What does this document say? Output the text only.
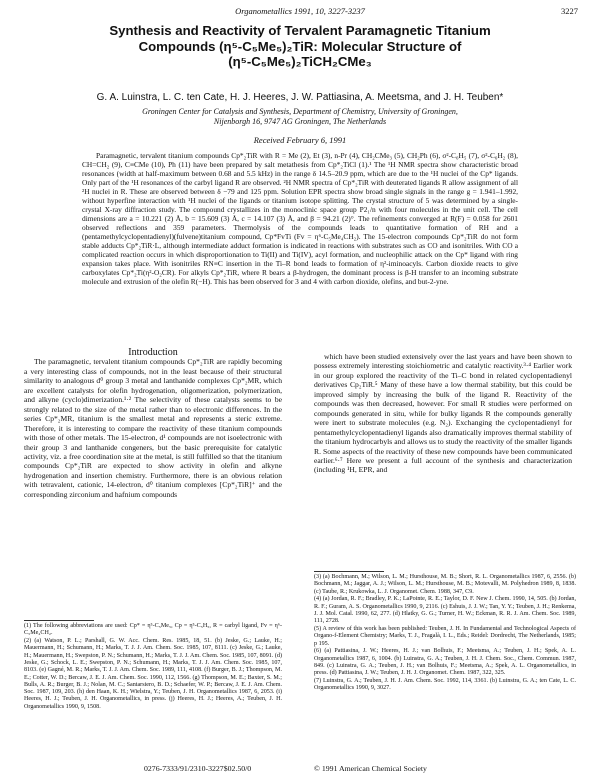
Organometallics 1991, 10, 3227-3237	3227
Synthesis and Reactivity of Tervalent Paramagnetic Titanium
Compounds (η⁵-C₅Me₅)₂TiR: Molecular Structure of
(η⁵-C₅Me₅)₂TiCH₂CMe₃
G. A. Luinstra, L. C. ten Cate, H. J. Heeres, J. W. Pattiasina, A. Meetsma, and J. H. Teuben*
Groningen Center for Catalysis and Synthesis, Department of Chemistry, University of Groningen,
Nijenborgh 16, 9747 AG Groningen, The Netherlands
Received February 6, 1991

Paramagnetic, tervalent titanium compounds Cp*₂TiR with R = Me (2), Et (3), n-Pr (4), CH₂CMe₃ (5), CH₂Ph (6), σ²-C₆H₅ (7), σ²-C₆H₂ (8), CH=CH₂ (9), C≡CMe (10), Ph (11) have been prepared by salt metathesis from Cp*₂TiCl (1).¹ The ¹H NMR spectra show characteristic broad resonances (width at half-maximum between 0.68 and 5.5 kHz) in the range δ 14.5–20.9 ppm, which are due to the ¹H nuclei of the Cp* ligands. Only part of the ¹H resonances of the carbyl ligand R are observed. ²H NMR spectra of Cp*₂TiR with deuterated ligands R allow assignment of all ²H nuclei in R. These are observed between δ −79 and 125 ppm. Solution EPR spectra show broad single signals in the range g = 1.941–1.992, without hyperfine interaction with ¹H nuclei of the ligands or titanium isotope splitting. The crystal structure of 5 was determined by a single-crystal X-ray diffraction study. The compound crystallizes in the monoclinic space group P2₁/n with four molecules in the unit cell. The cell dimensions are a = 10.221 (2) Å, b = 15.609 (3) Å, c = 14.107 (3) Å, and β = 94.21 (2)°. The refinements converged at R(F) = 0.058 for 2601 observed reflections and 359 parameters. Thermolysis of the compounds leads to quantitative formation of RH and a (pentamethylcyclopentadienyl)(fulvene)titanium compound, Cp*FvTi (Fv = η⁶-C₅Me₄CH₂). The 15-electron compounds Cp*₂TiR do not form stable adducts Cp*₂TiR·L, although intermediate adduct formation is indicated in reactions with substrates such as CO and isonitriles. With CO a complicated reaction occurs in which disproportionation to Ti(II) and Ti(IV), acyl formation, and nucleophilic attack on the Cp* ligand with ring expansion takes place. With isonitriles RN≡C insertion in the Ti–R bond leads to formation of η²-iminoacyls. Carbon dioxide reacts to give carboxylates Cp*₂Ti(η²-O₂CR). For alkyls Cp*₂TiR, where R bears a β-hydrogen, the dominant process is β-H transfer to an incoming substrate molecule and extrusion of the olefin R(−H). This has been observed for 3 and 4 with carbon dioxide, olefins, and but-2-yne.

Introduction

The paramagnetic, tervalent titanium compounds Cp*₂TiR are rapidly becoming a very interesting class of compounds, not in the least because of their structural similarity to analogous d⁰ group 3 metal and lanthanide complexes Cp*₂MR, which are excellent catalysts for olefin hydrogenation, oligomerization, polymerization, and alkyne (cyclo)dimerization.¹·² The selectivity of these catalysts seems to be strongly related to the size of the metal rather than to electronic differences. In the series Cp*₂MR, titanium is the smallest metal and represents a steric extreme. Therefore, it is interesting to compare the reactivity of these titanium compounds with those of other metals. The 15-electron, d¹ compounds are not isoelectronic with their group 3 and lanthanide congeners, but the basic prerequisite for catalytic activity, viz. a free coordination site at the metal, is still fulfilled so that the titanium compounds Cp*₂TiR are expected to show activity in olefin and alkyne hydrogenation and insertion chemistry. Furthermore, there is an obvious relation with tetravalent, cationic, 14-electron, d⁰ titanium complexes [Cp*₂TiR]⁺ and the corresponding zirconium and hafnium compounds

which have been studied extensively over the last years and have been shown to possess extremely interesting stoichiometric and catalytic reactivity.³·⁴ Earlier work in our group explored the reactivity of the Ti–C bond in related cyclopentadienyl derivatives Cp₂TiR.⁵ Many of these have a low thermal stability, but this could be improved simply by increasing the bulk of the ligand R. Reactivity of the compounds was then decreased, however. For small R studies were performed on compounds generated in situ, while for bulky ligands R the compounds generally were inert to substrate molecules (e.g. N₂). Exchanging the cyclopentadienyl for pentamethylcyclopentadienyl ligands also dramatically improves thermal stability of the titanium hydrocarbyls and allows us to study the reactivity of the smaller ligands R. Some aspects of the reactivity of these new compounds have been communicated earlier.⁶·⁷ Here we present a full account of the synthesis and characterization (including ¹H, EPR, and

(1) The following abbreviations are used: Cp* = η⁵-C₅Me₅, Cp = η⁵-C₅H₅, R = carbyl ligand, Fv = η⁶-C₅Me₄CH₂.

(2) (a) Watson, P. L.; Parshall, G. W. Acc. Chem. Res. 1985, 18, 51. (b) Jeske, G.; Lauke, H.; Mauermann, H.; Schumann, H.; Marks, T. J. J. Am. Chem. Soc. 1985, 107, 8111. (c) Jeske, G.; Lauke, H.; Mauermann, H.; Swepston, P. N.; Schumann, H.; Marks, T. J. J. Am. Chem. Soc. 1985, 107, 8091. (d) Jeske, G.; Schock, L. E.; Swepston, P. N.; Schumann, H.; Marks, T. J. J. Am. Chem. Soc. 1985, 107, 8103. (e) Gagné, M. R.; Marks, T. J. J. Am. Chem. Soc. 1989, 111, 4108. (f) Burger, B. J.; Thompson, M. E.; Cotter, W. D.; Bercaw, J. E. J. Am. Chem. Soc. 1990, 112, 1566. (g) Thompson, M. E.; Baxter, S. M.; Bulls, A. R.; Burger, B. J.; Nolan, M. C.; Santarsiero, B. D.; Schaefer, W. P.; Bercaw, J. E. J. Am. Chem. Soc. 1987, 109, 203. (h) den Haan, K. H.; Wielstra, Y.; Teuben, J. H. Organometallics 1987, 6, 2053. (i) Heeres, H. J.; Teuben, J. H. Organometallics, in press. (j) Heeres, H. J.; Heeres, A.; Teuben, J. H. Organometallics 1990, 9, 1508.

(3) (a) Bochmann, M.; Wilson, L. M.; Hursthouse, M. B.; Short, R. L. Organometallics 1987, 6, 2556. (b) Bochmann, M.; Jaggar, A. J.; Wilson, L. M.; Hursthouse, M. B.; Motevalli, M. Polyhedron 1989, 8, 1838. (c) Taube, R.; Krukowka, L. J. Organomet. Chem. 1988, 347, C9.

(4) (a) Jordan, R. F.; Bradley, P. K.; LaPointe, R. E.; Taylor, D. F. New J. Chem. 1990, 14, 505. (b) Jordan, R. F.; Guram, A. S. Organometallics 1990, 9, 2116. (c) Eshuis, J. J. W.; Tan, Y. Y.; Teuben, J. H.; Renkema, J. J. Mol. Catal. 1990, 62, 277. (d) Hlatky, G. G.; Turner, H. W.; Eckman, R. R. J. Am. Chem. Soc. 1989, 111, 2728.

(5) A review of this work has been published: Teuben, J. H. In Fundamental and Technological Aspects of Organo-f-Element Chemistry; Marks, T. J., Fragalà, I. L., Eds.; Reidel: Dordrecht, The Netherlands, 1985; p 195.

(6) (a) Pattiasina, J. W.; Heeres, H. J.; van Bolhuis, F.; Meetsma, A.; Teuben, J. H.; Spek, A. L. Organometallics 1987, 6, 1004. (b) Luinstra, G. A.; Teuben, J. H. J. Chem. Soc., Chem. Commun. 1987, 849. (c) Luinstra, G. A.; Teuben, J. H.; van Bolhuis, F.; Meetsma, A.; Spek, A. L. Organometallics, in press. (d) Pattiasina, J. W.; Teuben, J. H. J. Organomet. Chem. 1987, 322, 325.

(7) Luinstra, G. A.; Teuben, J. H. J. Am. Chem. Soc. 1992, 114, 3361. (b) Luinstra, G. A.; ten Cate, L. C. Organometallics 1990, 9, 3027.

0276-7333/91/2310-3227$02.50/0	© 1991 American Chemical Society
